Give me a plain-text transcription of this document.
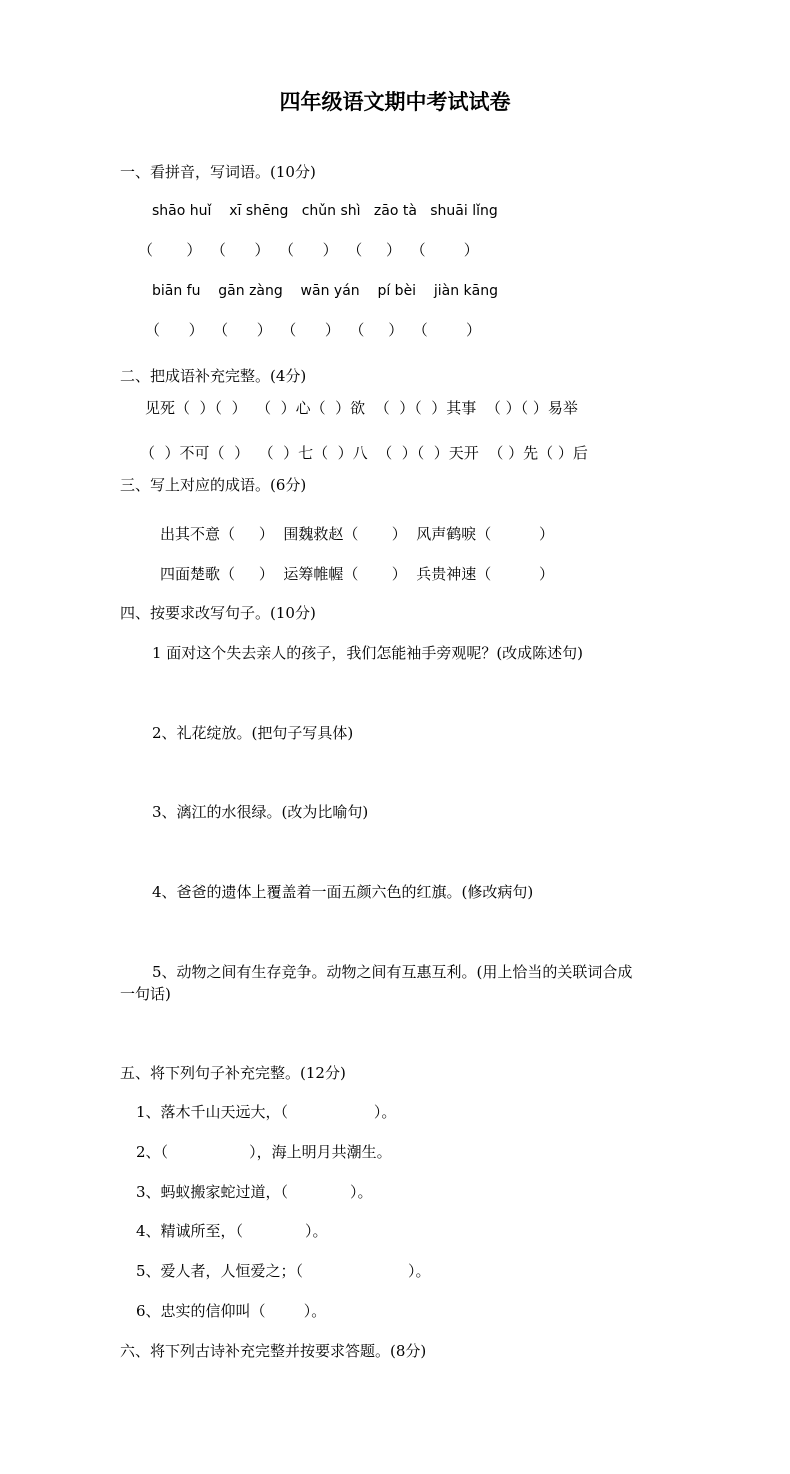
四年级语文期中考试试卷
一、看拼音，写词语。(10分)
shāo huǐ    xī shēng   chǔn shì   zāo tà   shuāi lǐng
（       ）  （      ）  （      ）  （     ）  （        ）
biān fu    gān zàng    wān yán    pí bèi    jiàn kāng
（      ）  （      ）  （      ）  （     ）  （        ）
二、把成语补充完整。(4分)
见死（  ）（  ）  （  ）心（  ）欲  （  ）（  ）其事  （ ）（ ）易举
（  ）不可（  ）  （  ）七（  ）八  （  ）（  ）天开  （ ）先（ ）后
三、写上对应的成语。(6分)
出其不意（     ）  围魏救赵（       ）  风声鹤唳（          ）
四面楚歌（     ）  运筹帷幄（       ）  兵贵神速（          ）
四、按要求改写句子。(10分)
1 面对这个失去亲人的孩子，我们怎能袖手旁观呢？(改成陈述句)
2、礼花绽放。(把句子写具体)
3、漓江的水很绿。(改为比喻句)
4、爸爸的遗体上覆盖着一面五颜六色的红旗。(修改病句)
5、动物之间有生存竞争。动物之间有互惠互利。(用上恰当的关联词合成
一句话)
五、将下列句子补充完整。(12分)
1、落木千山天远大，（                  ）。
2、（                 ），海上明月共潮生。
3、蚂蚁搬家蛇过道，（             ）。
4、精诚所至，（             ）。
5、爱人者，人恒爱之；（                      ）。
6、忠实的信仰叫（        ）。
六、将下列古诗补充完整并按要求答题。(8分)
